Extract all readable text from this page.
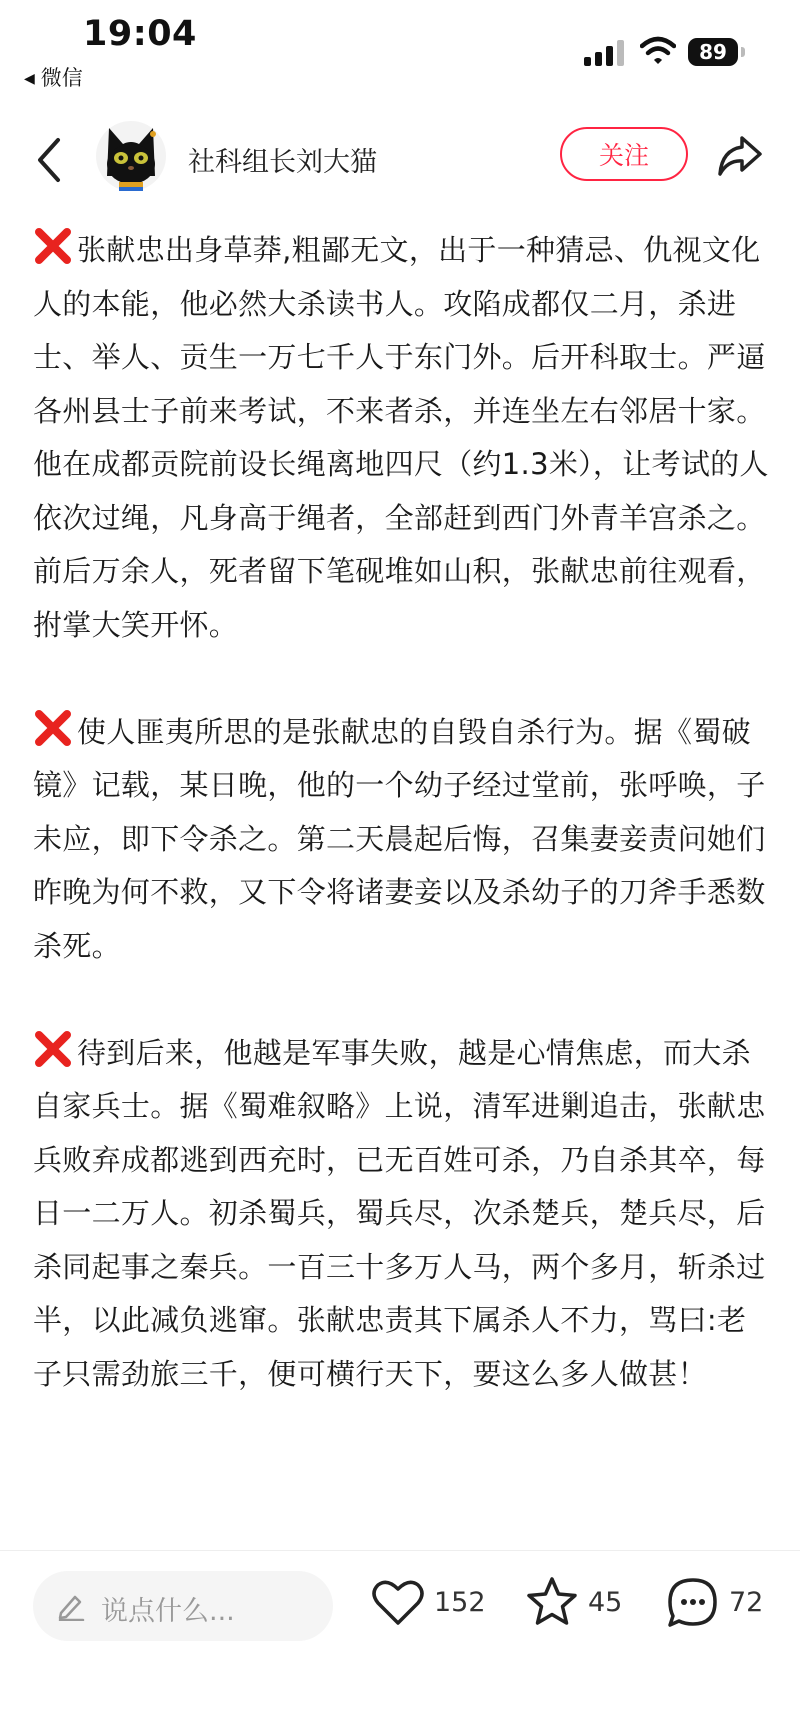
19:04
◀ 微信
89
社科组长刘大猫	关注

张献忠出身草莽,粗鄙无文，出于一种猜忌、仇视文化人的本能，他必然大杀读书人。攻陷成都仅二月，杀进士、举人、贡生一万七千人于东门外。后开科取士。严逼各州县士子前来考试，不来者杀，并连坐左右邻居十家。他在成都贡院前设长绳离地四尺（约1.3米），让考试的人依次过绳，凡身高于绳者，全部赶到西门外青羊宫杀之。前后万余人，死者留下笔砚堆如山积，张献忠前往观看，拊掌大笑开怀。

使人匪夷所思的是张献忠的自毁自杀行为。据《蜀破镜》记载，某日晚，他的一个幼子经过堂前，张呼唤，子未应，即下令杀之。第二天晨起后悔，召集妻妾责问她们昨晚为何不救，又下令将诸妻妾以及杀幼子的刀斧手悉数杀死。

待到后来，他越是军事失败，越是心情焦虑，而大杀自家兵士。据《蜀难叙略》上说，清军进剿追击，张献忠兵败弃成都逃到西充时，已无百姓可杀，乃自杀其卒，每日一二万人。初杀蜀兵，蜀兵尽，次杀楚兵，楚兵尽，后杀同起事之秦兵。一百三十多万人马，两个多月，斩杀过半，以此减负逃窜。张献忠责其下属杀人不力，骂曰:老子只需劲旅三千，便可横行天下，要这么多人做甚！

说点什么...	152	45	72
